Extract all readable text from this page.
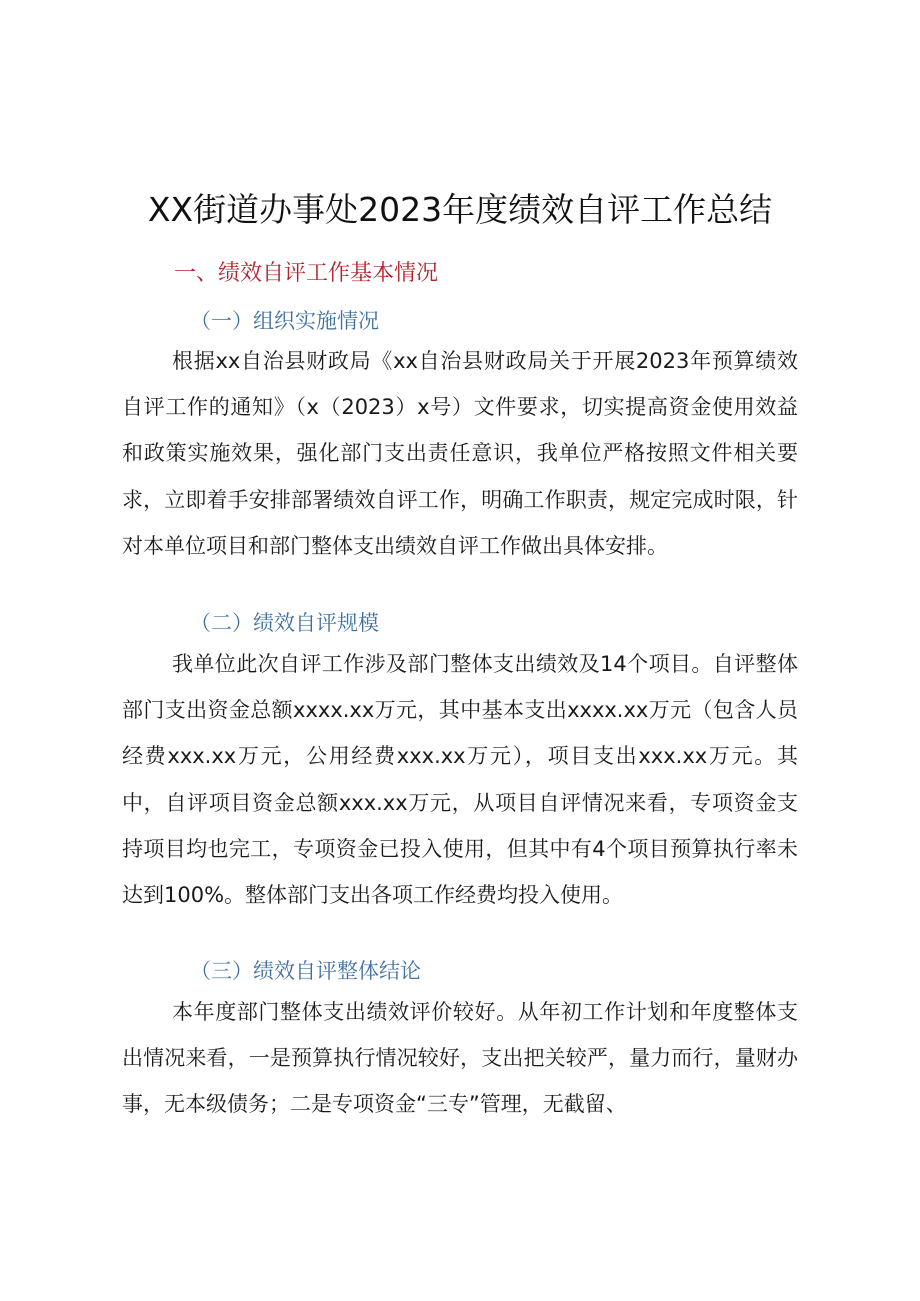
XX街道办事处2023年度绩效自评工作总结
一、绩效自评工作基本情况
（一）组织实施情况

根据xx自治县财政局《xx自治县财政局关于开展2023年预算绩效自评工作的通知》（x（2023）x号）文件要求，切实提高资金使用效益和政策实施效果，强化部门支出责任意识，我单位严格按照文件相关要求，立即着手安排部署绩效自评工作，明确工作职责，规定完成时限，针对本单位项目和部门整体支出绩效自评工作做出具体安排。

（二）绩效自评规模

我单位此次自评工作涉及部门整体支出绩效及14个项目。自评整体部门支出资金总额xxxx.xx万元，其中基本支出xxxx.xx万元（包含人员经费xxx.xx万元，公用经费xxx.xx万元），项目支出xxx.xx万元。其中，自评项目资金总额xxx.xx万元，从项目自评情况来看，专项资金支持项目均也完工，专项资金已投入使用，但其中有4个项目预算执行率未达到100%。整体部门支出各项工作经费均投入使用。

（三）绩效自评整体结论

本年度部门整体支出绩效评价较好。从年初工作计划和年度整体支出情况来看，一是预算执行情况较好，支出把关较严，量力而行，量财办事，无本级债务；二是专项资金“三专”管理，无截留、
